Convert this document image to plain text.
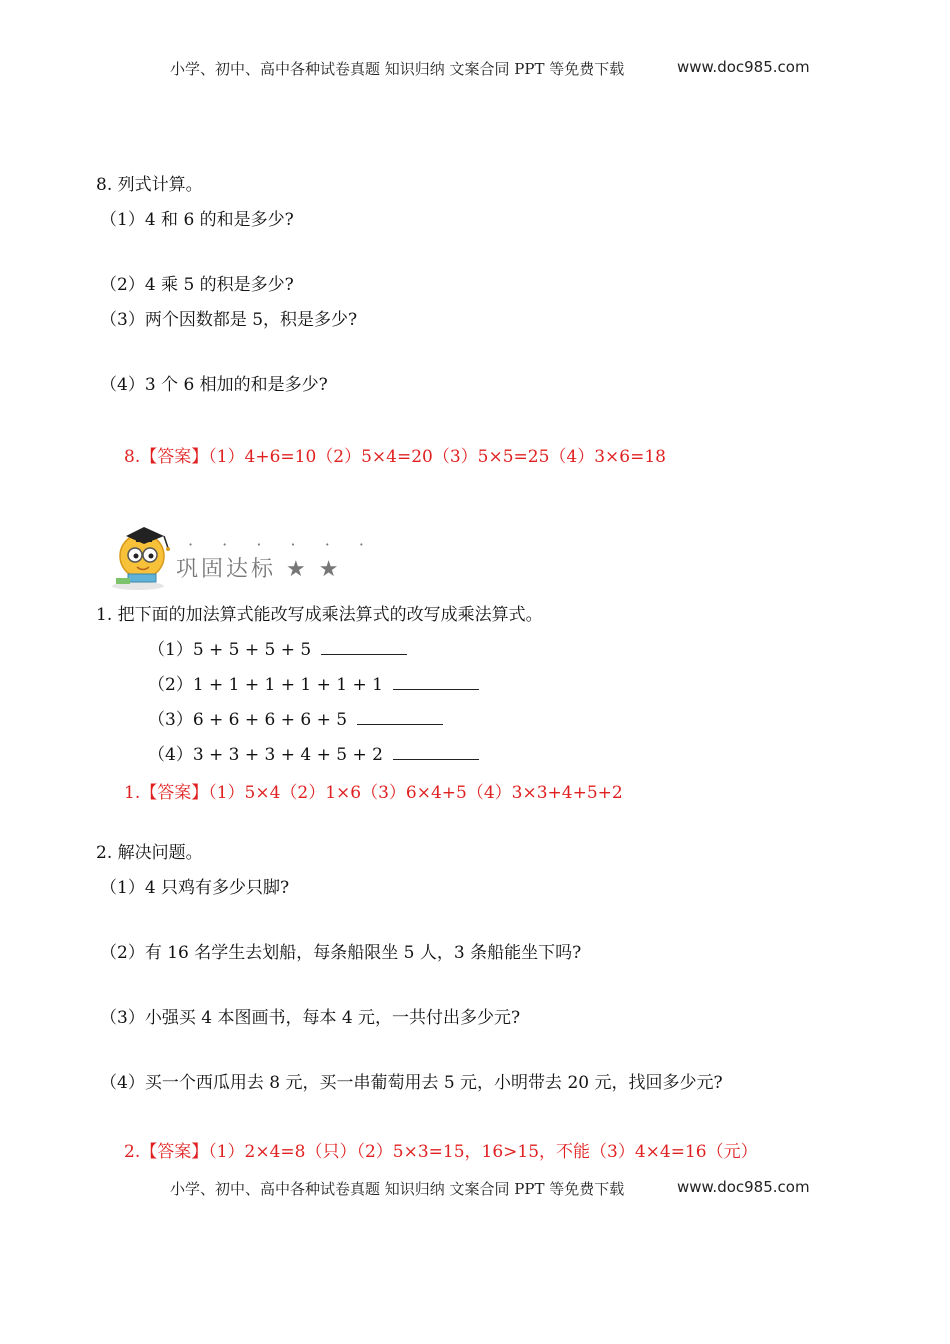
小学、初中、高中各种试卷真题 知识归纳 文案合同 PPT 等免费下载	www.doc985.com
8. 列式计算。
（1）4 和 6 的和是多少?
（2）4 乘 5 的积是多少?
（3）两个因数都是 5，积是多少?
（4）3 个 6 相加的和是多少?
8.【答案】（1）4+6=10（2）5×4=20（3）5×5=25（4）3×6=18
· · · · · ·
巩固达标 ★ ★
1. 把下面的加法算式能改写成乘法算式的改写成乘法算式。
（1）5 + 5 + 5 + 5
（2）1 + 1 + 1 + 1 + 1 + 1
（3）6 + 6 + 6 + 6 + 5
（4）3 + 3 + 3 + 4 + 5 + 2
1.【答案】（1）5×4（2）1×6（3）6×4+5（4）3×3+4+5+2
2. 解决问题。
（1）4 只鸡有多少只脚?
（2）有 16 名学生去划船，每条船限坐 5 人，3 条船能坐下吗?
（3）小强买 4 本图画书，每本 4 元，一共付出多少元?
（4）买一个西瓜用去 8 元，买一串葡萄用去 5 元，小明带去 20 元，找回多少元?
2.【答案】（1）2×4=8（只）（2）5×3=15，16>15，不能（3）4×4=16（元）
小学、初中、高中各种试卷真题 知识归纳 文案合同 PPT 等免费下载	www.doc985.com
